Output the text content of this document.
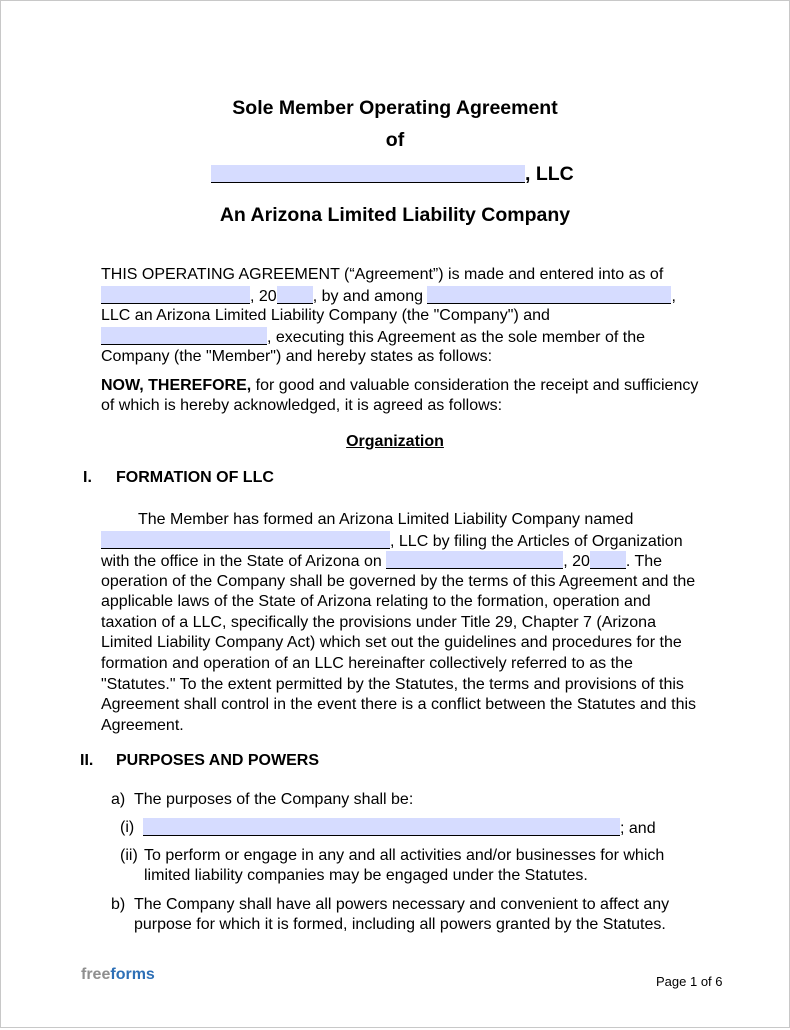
Sole Member Operating Agreement
of
, LLC
An Arizona Limited Liability Company
THIS OPERATING AGREEMENT (“Agreement”) is made and entered into as of
, 20 , by and among	,
LLC an Arizona Limited Liability Company (the "Company") and
, executing this Agreement as the sole member of the
Company (the "Member") and hereby states as follows:
NOW, THEREFORE, for good and valuable consideration the receipt and sufficiency
of which is hereby acknowledged, it is agreed as follows:
Organization
I. FORMATION OF LLC
The Member has formed an Arizona Limited Liability Company named
, LLC by filing the Articles of Organization
with the office in the State of Arizona on	, 20 . The
operation of the Company shall be governed by the terms of this Agreement and the
applicable laws of the State of Arizona relating to the formation, operation and
taxation of a LLC, specifically the provisions under Title 29, Chapter 7 (Arizona
Limited Liability Company Act) which set out the guidelines and procedures for the
formation and operation of an LLC hereinafter collectively referred to as the
"Statutes." To the extent permitted by the Statutes, the terms and provisions of this
Agreement shall control in the event there is a conflict between the Statutes and this
Agreement.
II. PURPOSES AND POWERS
a) The purposes of the Company shall be:
(i)	; and
(ii) To perform or engage in any and all activities and/or businesses for which
limited liability companies may be engaged under the Statutes.
b) The Company shall have all powers necessary and convenient to affect any
purpose for which it is formed, including all powers granted by the Statutes.
freeforms	Page 1 of 6
